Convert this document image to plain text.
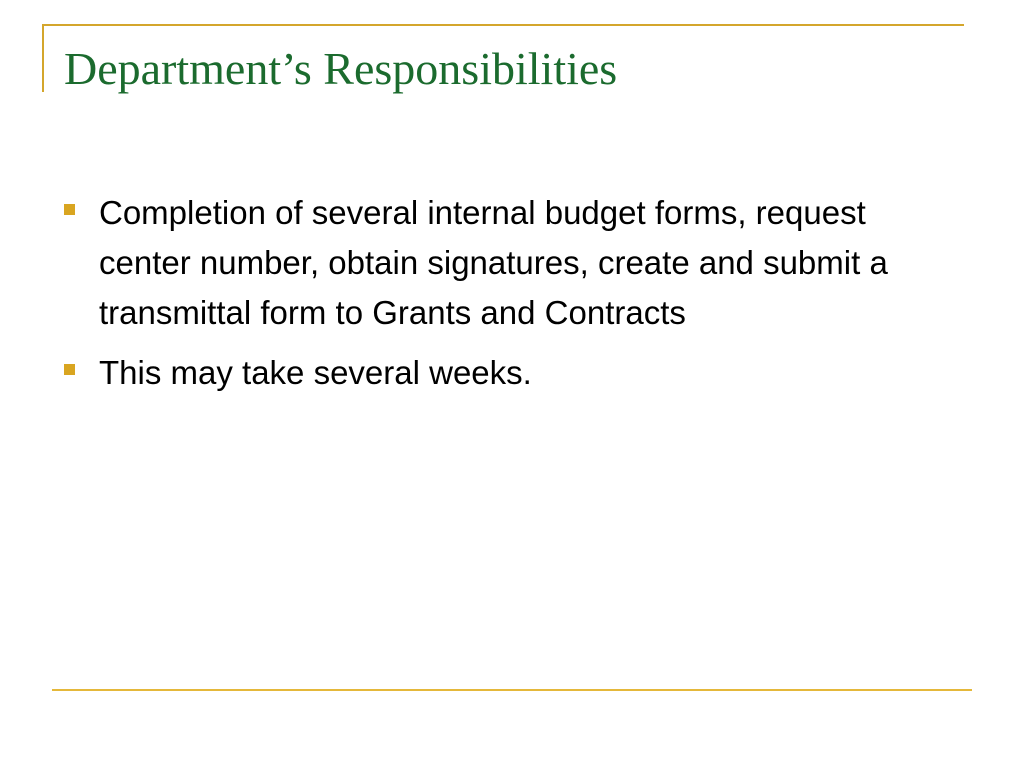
Department’s Responsibilities
Completion of several internal budget forms, request center number, obtain signatures, create and submit a transmittal form to Grants and Contracts
This may take several weeks.
